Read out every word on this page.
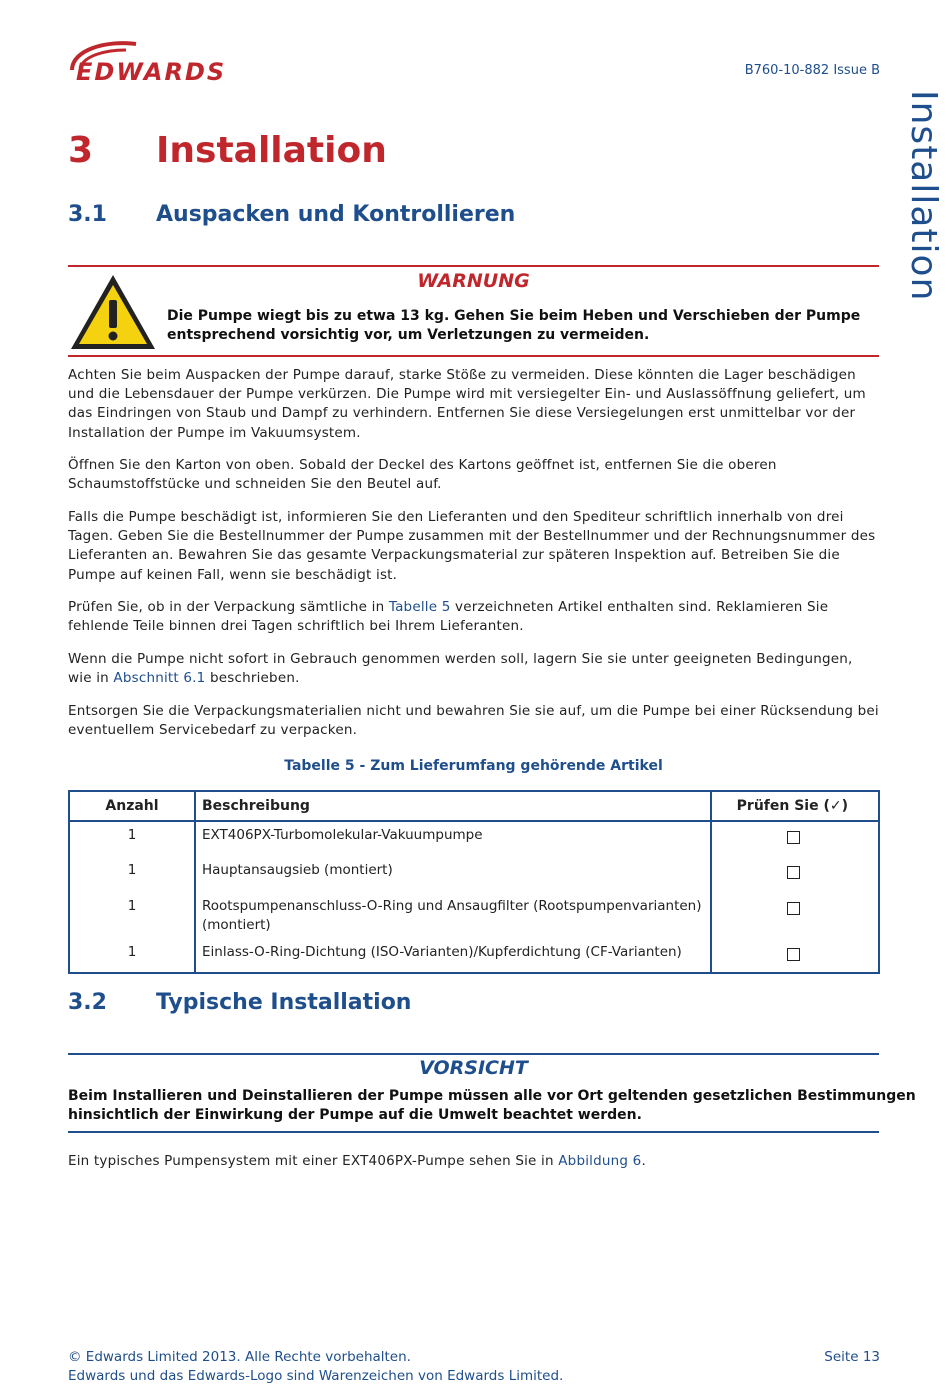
EDWARDS	B760-10-882 Issue B
Installation
3 Installation
3.1 Auspacken und Kontrollieren
WARNUNG
Die Pumpe wiegt bis zu etwa 13 kg. Gehen Sie beim Heben und Verschieben der Pumpe
entsprechend vorsichtig vor, um Verletzungen zu vermeiden.
Achten Sie beim Auspacken der Pumpe darauf, starke Stöße zu vermeiden. Diese könnten die Lager beschädigen und die Lebensdauer der Pumpe verkürzen. Die Pumpe wird mit versiegelter Ein- und Auslassöffnung geliefert, um das Eindringen von Staub und Dampf zu verhindern. Entfernen Sie diese Versiegelungen erst unmittelbar vor der Installation der Pumpe im Vakuumsystem.
Öffnen Sie den Karton von oben. Sobald der Deckel des Kartons geöffnet ist, entfernen Sie die oberen Schaumstoffstücke und schneiden Sie den Beutel auf.
Falls die Pumpe beschädigt ist, informieren Sie den Lieferanten und den Spediteur schriftlich innerhalb von drei Tagen. Geben Sie die Bestellnummer der Pumpe zusammen mit der Bestellnummer und der Rechnungsnummer des Lieferanten an. Bewahren Sie das gesamte Verpackungsmaterial zur späteren Inspektion auf. Betreiben Sie die Pumpe auf keinen Fall, wenn sie beschädigt ist.
Prüfen Sie, ob in der Verpackung sämtliche in Tabelle 5 verzeichneten Artikel enthalten sind. Reklamieren Sie fehlende Teile binnen drei Tagen schriftlich bei Ihrem Lieferanten.
Wenn die Pumpe nicht sofort in Gebrauch genommen werden soll, lagern Sie sie unter geeigneten Bedingungen, wie in Abschnitt 6.1 beschrieben.
Entsorgen Sie die Verpackungsmaterialien nicht und bewahren Sie sie auf, um die Pumpe bei einer Rücksendung bei eventuellem Servicebedarf zu verpacken.
Tabelle 5 - Zum Lieferumfang gehörende Artikel
Anzahl	Beschreibung	Prüfen Sie (✓)
1	EXT406PX-Turbomolekular-Vakuumpumpe	
1	Hauptansaugsieb (montiert)	
1	Rootspumpenanschluss-O-Ring und Ansaugfilter (Rootspumpenvarianten) (montiert)	
1	Einlass-O-Ring-Dichtung (ISO-Varianten)/Kupferdichtung (CF-Varianten)	
3.2 Typische Installation
VORSICHT
Beim Installieren und Deinstallieren der Pumpe müssen alle vor Ort geltenden gesetzlichen Bestimmungen
hinsichtlich der Einwirkung der Pumpe auf die Umwelt beachtet werden.
Ein typisches Pumpensystem mit einer EXT406PX-Pumpe sehen Sie in Abbildung 6.
© Edwards Limited 2013. Alle Rechte vorbehalten.
Edwards und das Edwards-Logo sind Warenzeichen von Edwards Limited.
Seite 13
